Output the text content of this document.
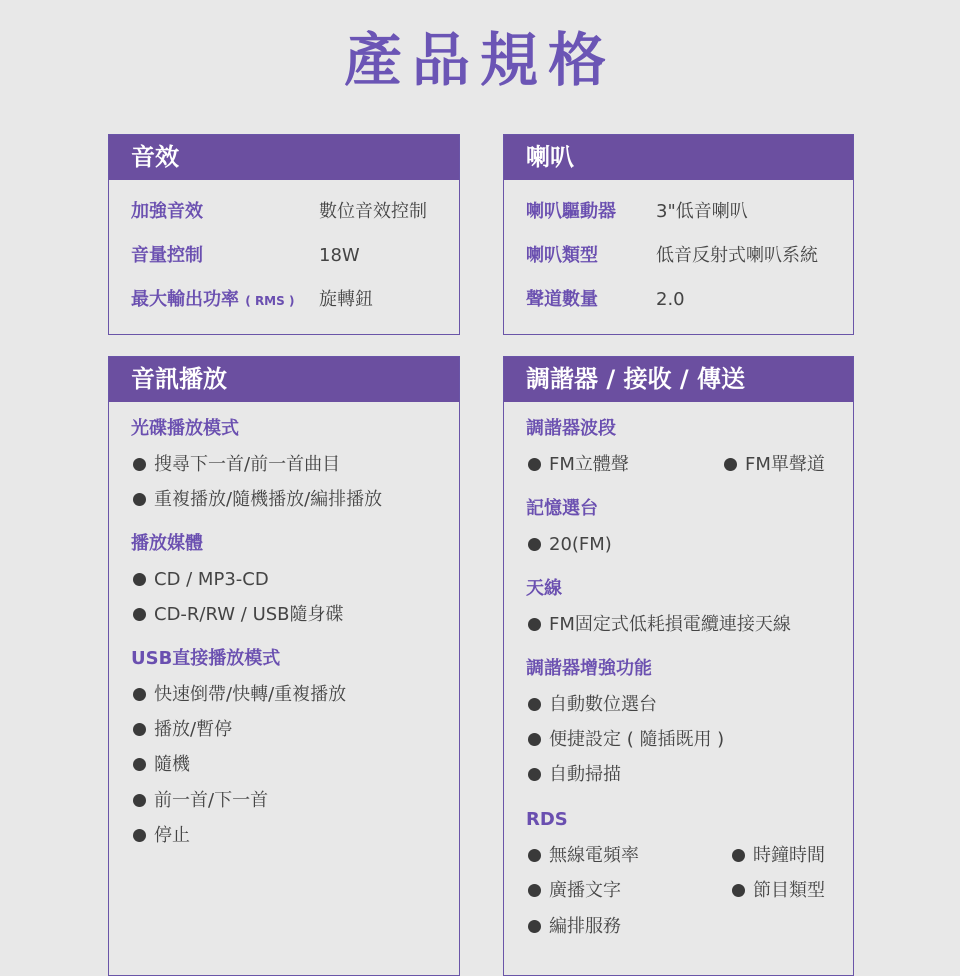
產品規格
音效
加強音效	數位音效控制
音量控制	18W
最大輸出功率 ( RMS ) 旋轉鈕
喇叭
喇叭驅動器 3"低音喇叭
喇叭類型	低音反射式喇叭系統
聲道數量	2.0
音訊播放
光碟播放模式
搜尋下一首/前一首曲目
重複播放/隨機播放/編排播放
播放媒體
CD / MP3-CD
CD-R/RW / USB隨身碟
USB直接播放模式
快速倒帶/快轉/重複播放
播放/暫停
隨機
前一首/下一首
停止
調諧器 / 接收 / 傳送
調諧器波段
FM立體聲	FM單聲道
記憶選台
20(FM)
天線
FM固定式低耗損電纜連接天線
調諧器增強功能
自動數位選台
便捷設定 ( 隨插既用 )
自動掃描
RDS
無線電頻率	時鐘時間
廣播文字	節目類型
編排服務
